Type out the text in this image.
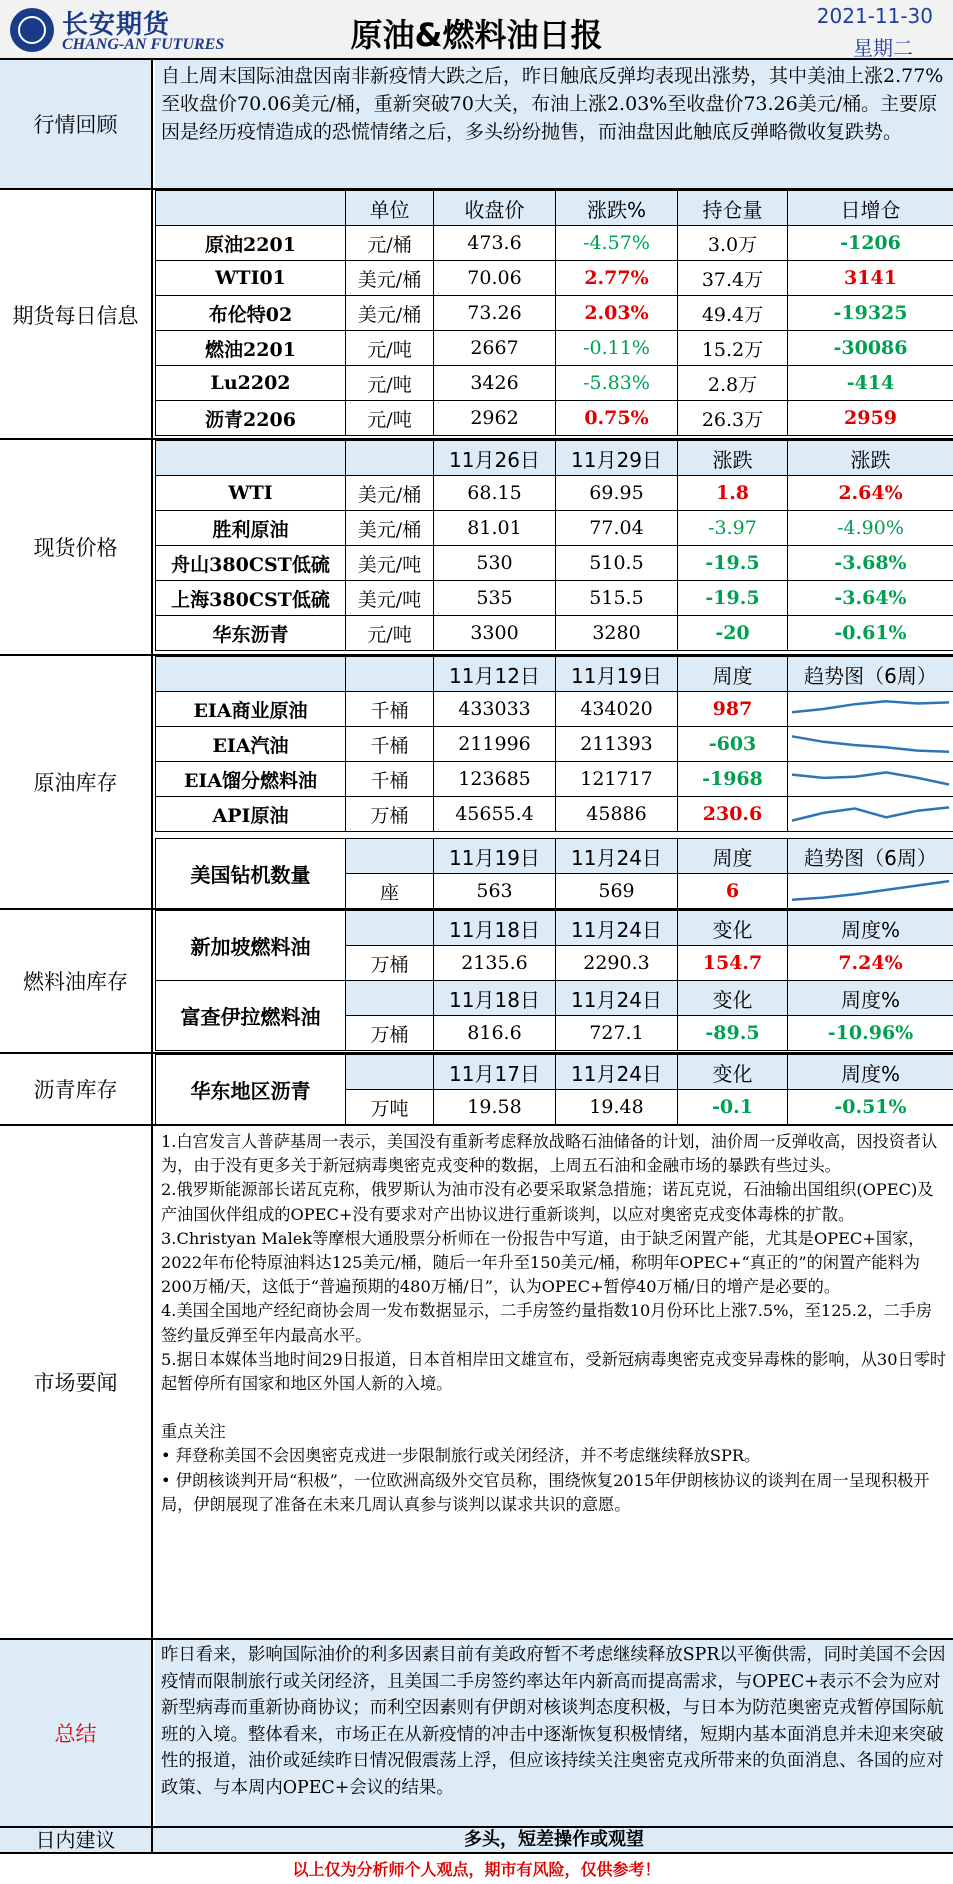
长安期货
CHANG-AN FUTURES	原油&燃料油日报	2021-11-30
星期二
行情回顾
自上周末国际油盘因南非新疫情大跌之后，昨日触底反弹均表现出涨势，其中美油上涨2.77%至收盘价70.06美元/桶，重新突破70大关，布油上涨2.03%至收盘价73.26美元/桶。主要原因是经历疫情造成的恐慌情绪之后，多头纷纷抛售，而油盘因此触底反弹略微收复跌势。
期货每日信息
	单位	收盘价	涨跌%	持仓量	日增仓
原油2201	元/桶	473.6	-4.57%	3.0万	-1206
WTI01	美元/桶	70.06	2.77%	37.4万	3141
布伦特02	美元/桶	73.26	2.03%	49.4万	-19325
燃油2201	元/吨	2667	-0.11%	15.2万	-30086
Lu2202	元/吨	3426	-5.83%	2.8万	-414
沥青2206	元/吨	2962	0.75%	26.3万	2959
现货价格
		11月26日	11月29日	涨跌	涨跌
WTI	美元/桶	68.15	69.95	1.8	2.64%
胜利原油	美元/桶	81.01	77.04	-3.97	-4.90%
舟山380CST低硫	美元/吨	530	510.5	-19.5	-3.68%
上海380CST低硫	美元/吨	535	515.5	-19.5	-3.64%
华东沥青	元/吨	3300	3280	-20	-0.61%
原油库存
		11月12日	11月19日	周度	趋势图（6周）
EIA商业原油	千桶	433033	434020	987	

EIA汽油	千桶	211996	211393	-603	

EIA馏分燃料油	千桶	123685	121717	-1968	

API原油	万桶	45655.4	45886	230.6	
美国钻机数量		11月19日	11月24日	周度	趋势图（6周）
	座	563	569	6	
燃料油库存
新加坡燃料油		11月18日	11月24日	变化	周度%
	万桶	2135.6	2290.3	154.7	7.24%
富查伊拉燃料油		11月18日	11月24日	变化	周度%
	万桶	816.6	727.1	-89.5	-10.96%
沥青库存	华东地区沥青		11月17日	11月24日	变化	周度%
	万吨	19.58	19.48	-0.1	-0.51%
市场要闻

1.白宫发言人普萨基周一表示，美国没有重新考虑释放战略石油储备的计划，油价周一反弹收高，因投资者认为，由于没有更多关于新冠病毒奥密克戎变种的数据，上周五石油和金融市场的暴跌有些过头。

2.俄罗斯能源部长诺瓦克称，俄罗斯认为油市没有必要采取紧急措施；诺瓦克说，石油输出国组织(OPEC)及产油国伙伴组成的OPEC+没有要求对产出协议进行重新谈判，以应对奥密克戎变体毒株的扩散。

3.Christyan Malek等摩根大通股票分析师在一份报告中写道，由于缺乏闲置产能，尤其是OPEC+国家，2022年布伦特原油料达125美元/桶，随后一年升至150美元/桶，称明年OPEC+“真正的”的闲置产能料为200万桶/天，这低于“普遍预期的480万桶/日”，认为OPEC+暂停40万桶/日的增产是必要的。

4.美国全国地产经纪商协会周一发布数据显示，二手房签约量指数10月份环比上涨7.5%，至125.2，二手房签约量反弹至年内最高水平。

5.据日本媒体当地时间29日报道，日本首相岸田文雄宣布，受新冠病毒奥密克戎变异毒株的影响，从30日零时起暂停所有国家和地区外国人新的入境。

重点关注

• 拜登称美国不会因奥密克戎进一步限制旅行或关闭经济，并不考虑继续释放SPR。

• 伊朗核谈判开局“积极”，一位欧洲高级外交官员称，围绕恢复2015年伊朗核协议的谈判在周一呈现积极开局，伊朗展现了准备在未来几周认真参与谈判以谋求共识的意愿。

总结
昨日看来，影响国际油价的利多因素目前有美政府暂不考虑继续释放SPR以平衡供需，同时美国不会因疫情而限制旅行或关闭经济，且美国二手房签约率达年内新高而提高需求，与OPEC+表示不会为应对新型病毒而重新协商协议；而利空因素则有伊朗对核谈判态度积极，与日本为防范奥密克戎暂停国际航班的入境。整体看来，市场正在从新疫情的冲击中逐渐恢复积极情绪，短期内基本面消息并未迎来突破性的报道，油价或延续昨日情况假震荡上浮，但应该持续关注奥密克戎所带来的负面消息、各国的应对政策、与本周内OPEC+会议的结果。
日内建议	多头，短差操作或观望
以上仅为分析师个人观点，期市有风险，仅供参考！
